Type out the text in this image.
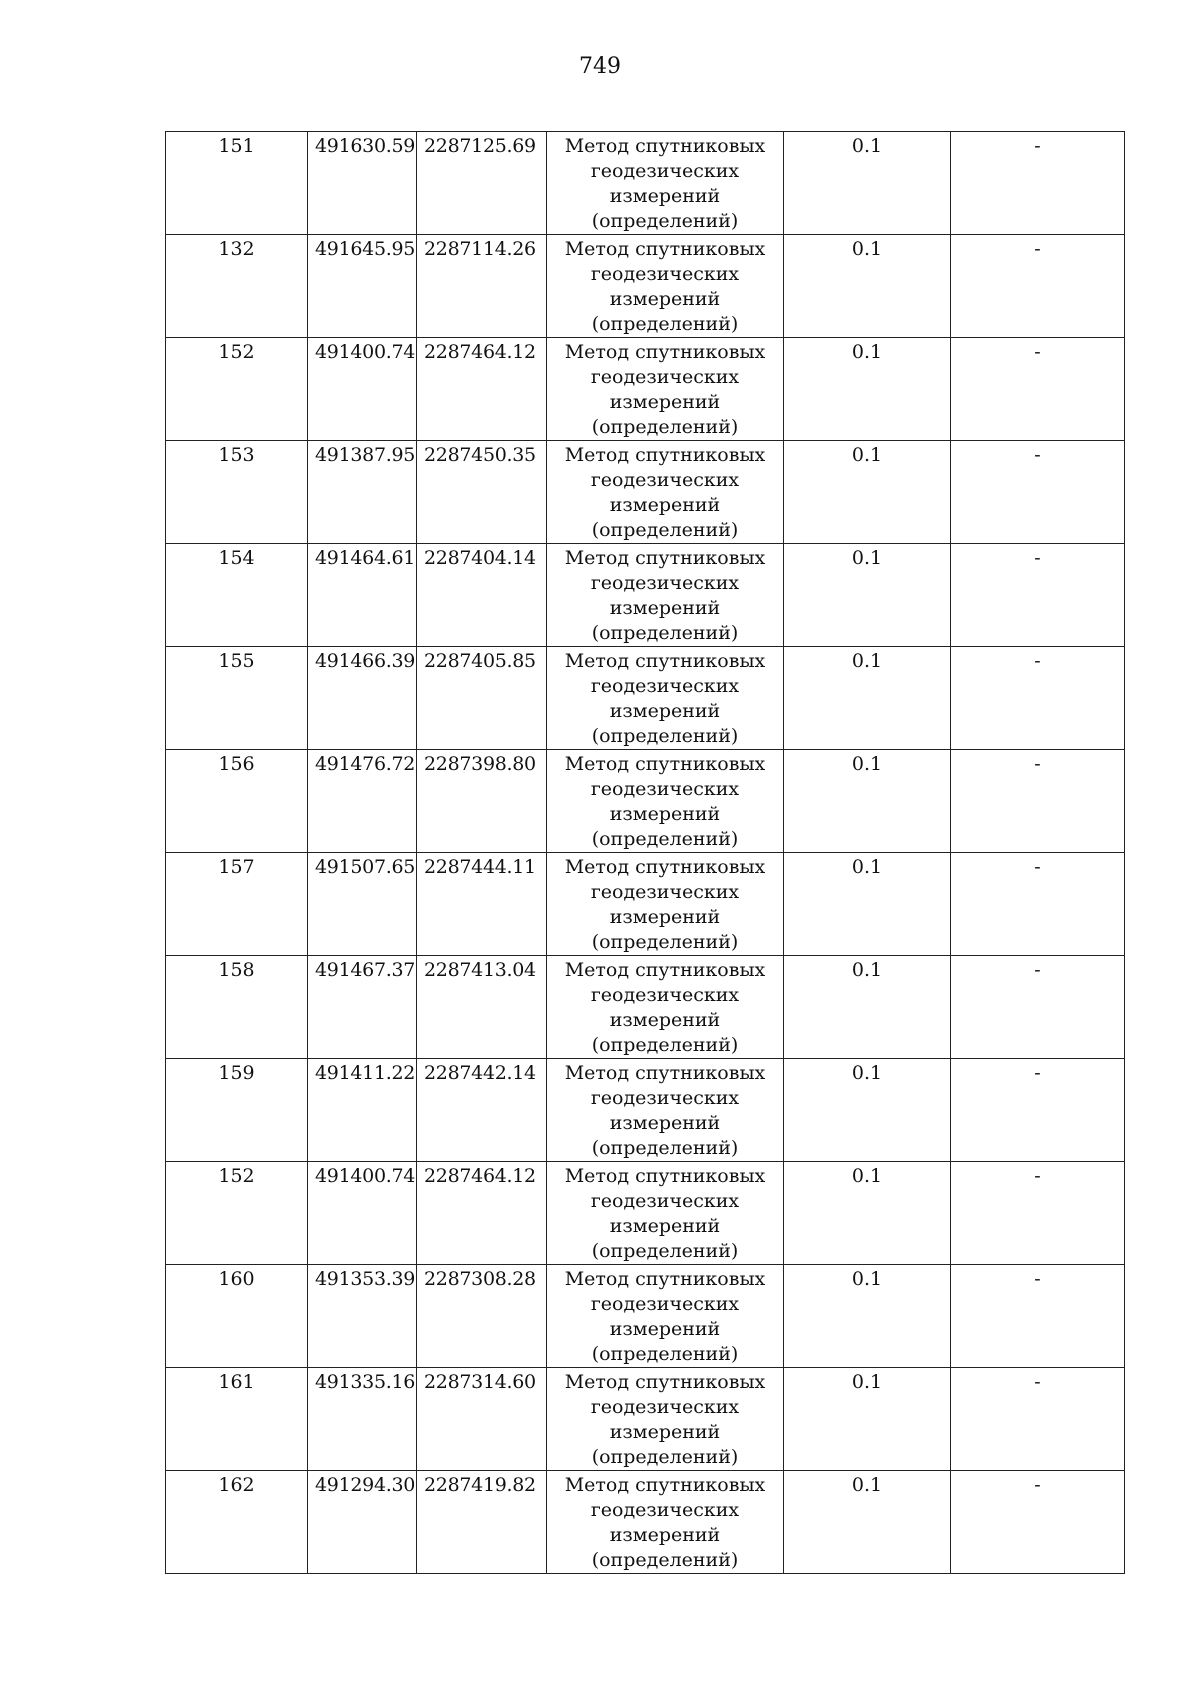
749
151	491630.59	2287125.69	Метод спутниковых
геодезических
измерений
(определений)	0.1	-
132	491645.95	2287114.26	Метод спутниковых
геодезических
измерений
(определений)	0.1	-
152	491400.74	2287464.12	Метод спутниковых
геодезических
измерений
(определений)	0.1	-
153	491387.95	2287450.35	Метод спутниковых
геодезических
измерений
(определений)	0.1	-
154	491464.61	2287404.14	Метод спутниковых
геодезических
измерений
(определений)	0.1	-
155	491466.39	2287405.85	Метод спутниковых
геодезических
измерений
(определений)	0.1	-
156	491476.72	2287398.80	Метод спутниковых
геодезических
измерений
(определений)	0.1	-
157	491507.65	2287444.11	Метод спутниковых
геодезических
измерений
(определений)	0.1	-
158	491467.37	2287413.04	Метод спутниковых
геодезических
измерений
(определений)	0.1	-
159	491411.22	2287442.14	Метод спутниковых
геодезических
измерений
(определений)	0.1	-
152	491400.74	2287464.12	Метод спутниковых
геодезических
измерений
(определений)	0.1	-
160	491353.39	2287308.28	Метод спутниковых
геодезических
измерений
(определений)	0.1	-
161	491335.16	2287314.60	Метод спутниковых
геодезических
измерений
(определений)	0.1	-
162	491294.30	2287419.82	Метод спутниковых
геодезических
измерений
(определений)	0.1	-
